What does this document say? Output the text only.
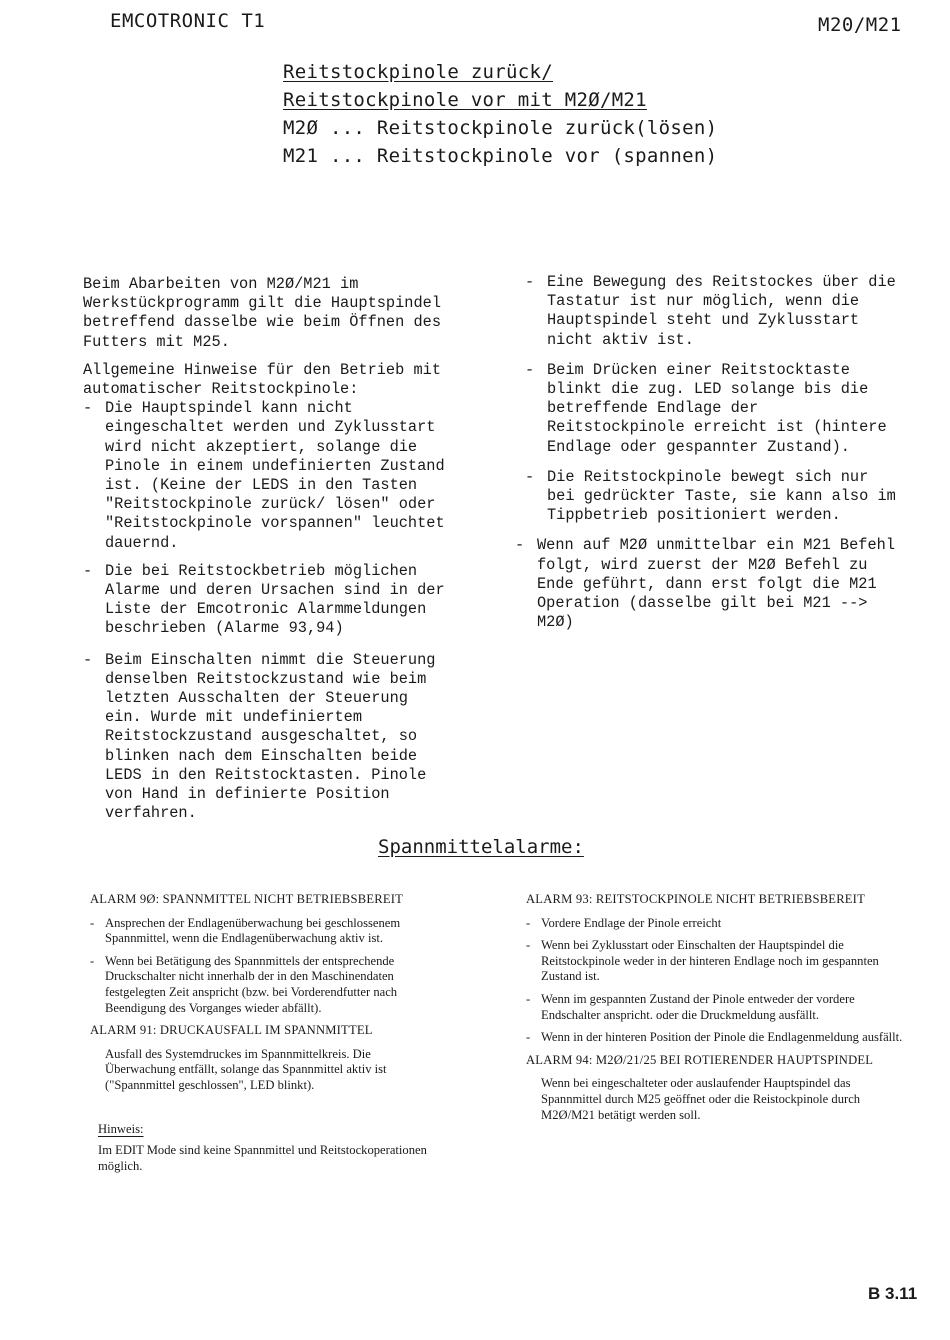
EMCOTRONIC T1	M20/M21
Reitstockpinole zurück/
Reitstockpinole vor mit M2Ø/M21
M2Ø ... Reitstockpinole zurück(lösen)
M21 ... Reitstockpinole vor (spannen)

Beim Abarbeiten von M2Ø/M21 im Werkstückprogramm gilt die Hauptspindel betreffend dasselbe wie beim Öffnen des Futters mit M25.

Allgemeine Hinweise für den Betrieb mit automatischer Reitstockpinole:

- Die Hauptspindel kann nicht eingeschaltet werden und Zyklusstart wird nicht akzeptiert, solange die Pinole in einem undefinierten Zustand ist. (Keine der LEDS in den Tasten "Reitstockpinole zurück/ lösen" oder "Reitstockpinole vorspannen" leuchtet dauernd.
- Die bei Reitstockbetrieb möglichen Alarme und deren Ursachen sind in der Liste der Emcotronic Alarmmeldungen beschrieben (Alarme 93,94)
- Beim Einschalten nimmt die Steuerung denselben Reitstockzustand wie beim letzten Ausschalten der Steuerung ein. Wurde mit undefiniertem Reitstockzustand ausgeschaltet, so blinken nach dem Einschalten beide LEDS in den Reitstocktasten. Pinole von Hand in definierte Position verfahren.
- Eine Bewegung des Reitstockes über die Tastatur ist nur möglich, wenn die Hauptspindel steht und Zyklusstart nicht aktiv ist.
- Beim Drücken einer Reitstocktaste blinkt die zug. LED solange bis die betreffende Endlage der Reitstockpinole erreicht ist (hintere Endlage oder gespannter Zustand).
- Die Reitstockpinole bewegt sich nur bei gedrückter Taste, sie kann also im Tippbetrieb positioniert werden.
- Wenn auf M2Ø unmittelbar ein M21 Befehl folgt, wird zuerst der M2Ø Befehl zu Ende geführt, dann erst folgt die M21 Operation (dasselbe gilt bei M21 --> M2Ø)
Spannmittelalarme:
ALARM 9Ø: SPANNMITTEL NICHT BETRIEBSBEREIT
- Ansprechen der Endlagenüberwachung bei geschlossenem Spannmittel, wenn die Endlagenüberwachung aktiv ist.
- Wenn bei Betätigung des Spannmittels der entsprechende Druckschalter nicht innerhalb der in den Maschinendaten festgelegten Zeit anspricht (bzw. bei Vorderendfutter nach Beendigung des Vorganges wieder abfällt).
ALARM 91: DRUCKAUSFALL IM SPANNMITTEL
Ausfall des Systemdruckes im Spannmittelkreis. Die Überwachung entfällt, solange das Spannmittel aktiv ist ("Spannmittel geschlossen", LED blinkt).
Hinweis:
Im EDIT Mode sind keine Spannmittel und Reitstockoperationen möglich.
ALARM 93: REITSTOCKPINOLE NICHT BETRIEBSBEREIT
- Vordere Endlage der Pinole erreicht
- Wenn bei Zyklusstart oder Einschalten der Hauptspindel die Reitstockpinole weder in der hinteren Endlage noch im gespannten Zustand ist.
- Wenn im gespannten Zustand der Pinole entweder der vordere Endschalter anspricht. oder die Druckmeldung ausfällt.
- Wenn in der hinteren Position der Pinole die Endlagenmeldung ausfällt.
ALARM 94: M2Ø/21/25 BEI ROTIERENDER HAUPTSPINDEL
Wenn bei eingeschalteter oder auslaufender Hauptspindel das Spannmittel durch M25 geöffnet oder die Reistockpinole durch M2Ø/M21 betätigt werden soll.
B 3.11
